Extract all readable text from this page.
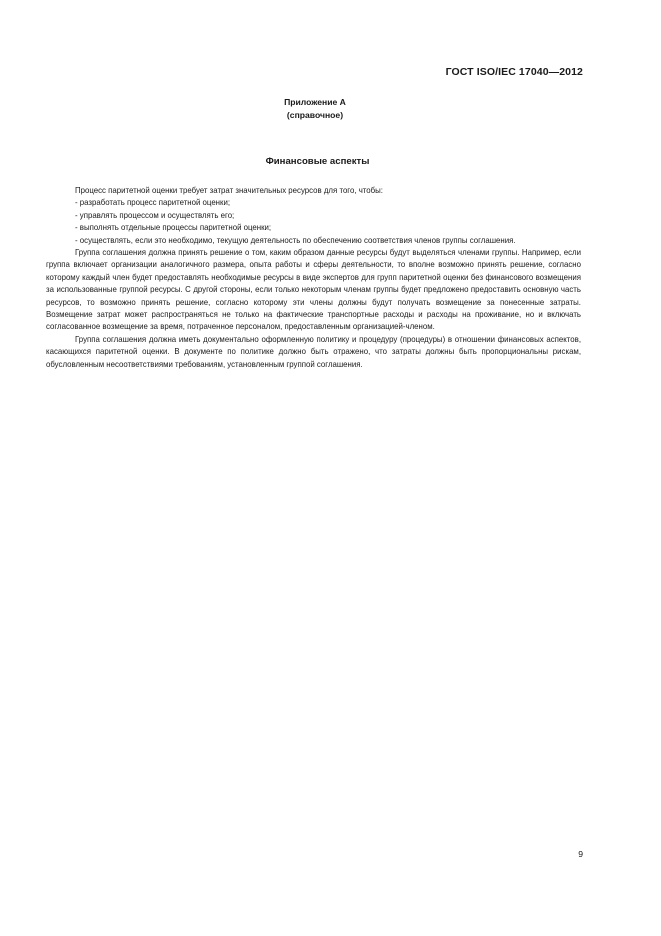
ГОСТ ISO/IEC 17040—2012
Приложение А
(справочное)
Финансовые аспекты

Процесс паритетной оценки требует затрат значительных ресурсов для того, чтобы:

- разработать процесс паритетной оценки;

- управлять процессом и осуществлять его;

- выполнять отдельные процессы паритетной оценки;

- осуществлять, если это необходимо, текущую деятельность по обеспечению соответствия членов группы соглашения.

Группа соглашения должна принять решение о том, каким образом данные ресурсы будут выделяться членами группы. Например, если группа включает организации аналогичного размера, опыта работы и сферы деятельности, то вполне возможно принять решение, согласно которому каждый член будет предоставлять необходимые ресурсы в виде экспертов для групп паритетной оценки без финансового возмещения за использованные группой ресурсы. С другой стороны, если только некоторым членам группы будет предложено предоставить основную часть ресурсов, то возможно принять решение, согласно которому эти члены должны будут получать возмещение за понесенные затраты. Возмещение затрат может распространяться не только на фактические транспортные расходы и расходы на проживание, но и включать согласованное возмещение за время, потраченное персоналом, предоставленным организацией-членом.

Группа соглашения должна иметь документально оформленную политику и процедуру (процедуры) в отношении финансовых аспектов, касающихся паритетной оценки. В документе по политике должно быть отражено, что затраты должны быть пропорциональны рискам, обусловленным несоответствиями требованиям, установленным группой соглашения.

9
